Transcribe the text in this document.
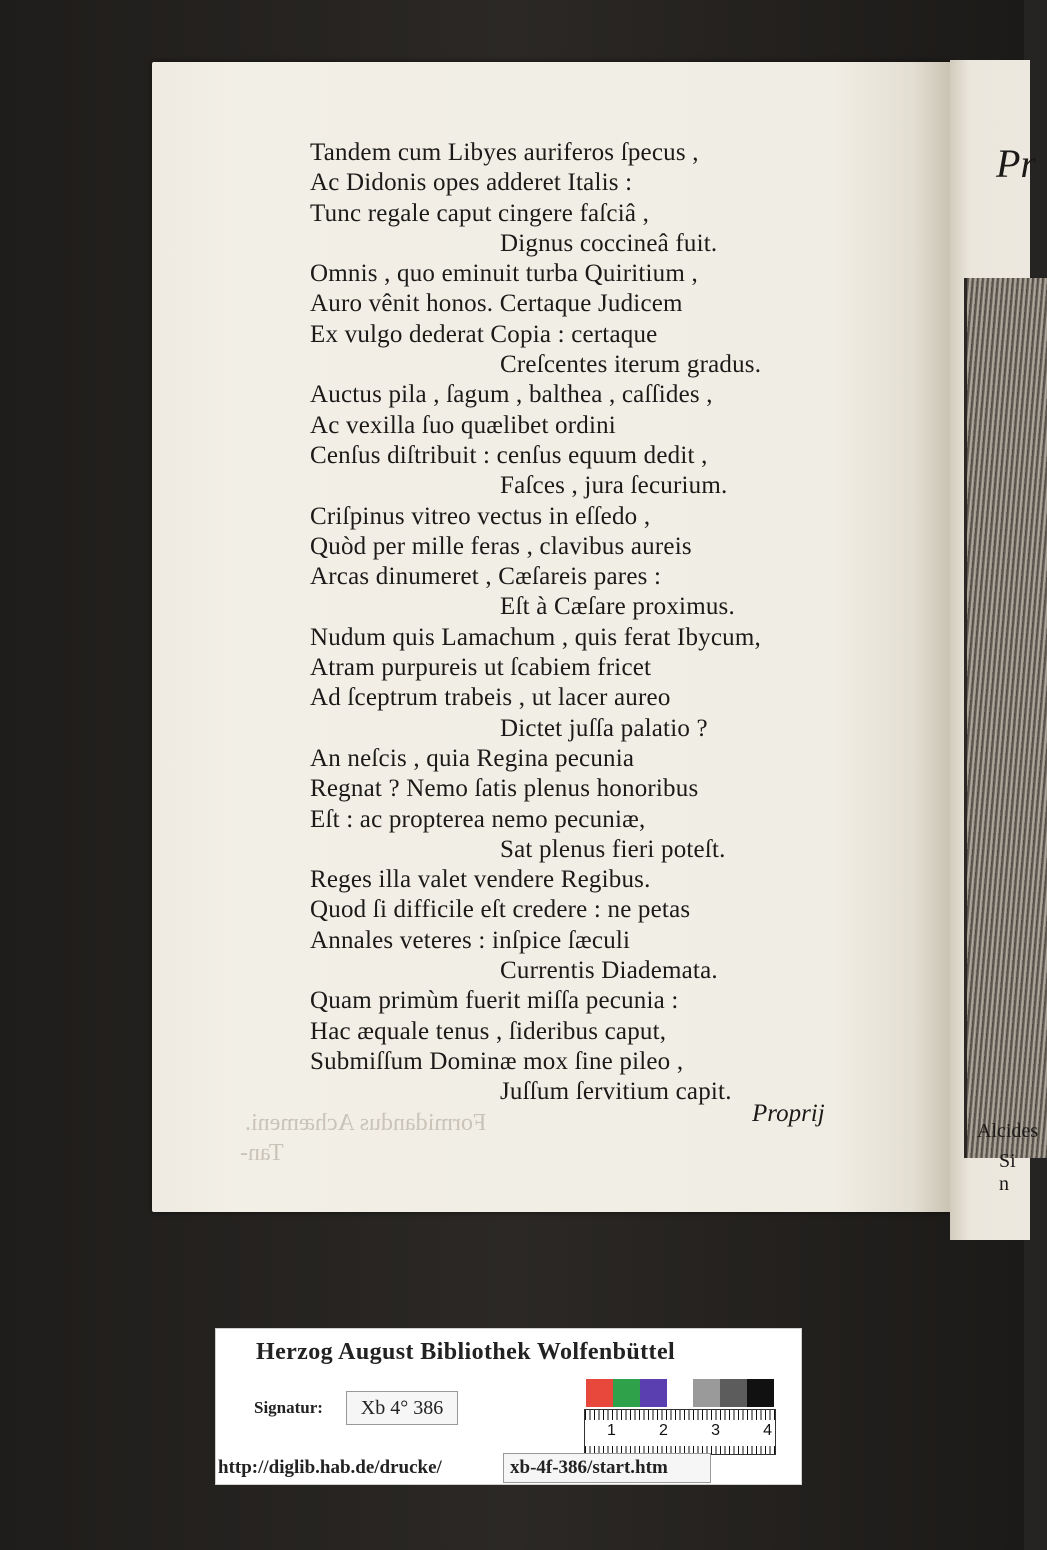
Formidandus Achæmeni.
Tan-
Tandem cum Libyes auriferos ſpecus ,
Ac Didonis opes adderet Italis :
Tunc regale caput cingere faſciâ ,
Dignus coccineâ fuit.
Omnis , quo eminuit turba Quiritium ,
Auro vênit honos. Certaque Judicem
Ex vulgo dederat Copia : certaque
Creſcentes iterum gradus.
Auctus pila , ſagum , balthea , caſſides ,
Ac vexilla ſuo quælibet ordini
Cenſus diſtribuit : cenſus equum dedit ,
Faſces , jura ſecurium.
Criſpinus vitreo vectus in eſſedo ,
Quòd per mille feras , clavibus aureis
Arcas dinumeret , Cæſareis pares :
Eſt à Cæſare proximus.
Nudum quis Lamachum , quis ferat Ibycum,
Atram purpureis ut ſcabiem fricet
Ad ſceptrum trabeis , ut lacer aureo
Dictet juſſa palatio ?
An neſcis , quia Regina pecunia
Regnat ? Nemo ſatis plenus honoribus
Eſt : ac propterea nemo pecuniæ,
Sat plenus fieri poteſt.
Reges illa valet vendere Regibus.
Quod ſi difficile eſt credere : ne petas
Annales veteres : inſpice ſæculi
Currentis Diademata.
Quam primùm fuerit miſſa pecunia :
Hac æquale tenus , ſideribus caput,
Submiſſum Dominæ mox ſine pileo ,
Juſſum ſervitium capit.
Proprij
Pr
Alcides
Si n
Herzog August Bibliothek Wolfenbüttel
Signatur:	Xb 4° 386
1	2	3	4
http://diglib.hab.de/drucke/	xb-4f-386/start.htm
